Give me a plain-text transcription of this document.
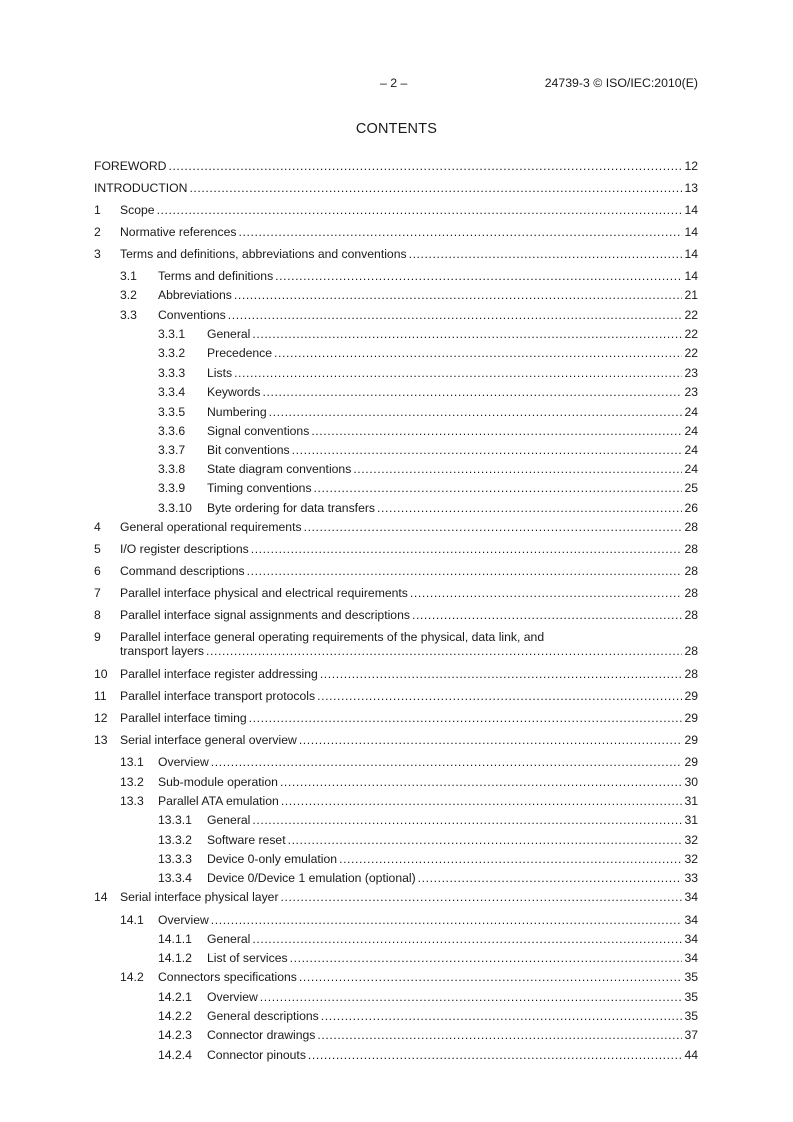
– 2 –	24739-3 © ISO/IEC:2010(E)
CONTENTS
FOREWORD .....	12
INTRODUCTION .....	13
1	Scope .....	14
2	Normative references .....	14
3	Terms and definitions, abbreviations and conventions .....	14
3.1	Terms and definitions .....	14
3.2	Abbreviations .....	21
3.3	Conventions .....	22
3.3.1	General .....	22
3.3.2	Precedence .....	22
3.3.3	Lists .....	23
3.3.4	Keywords .....	23
3.3.5	Numbering .....	24
3.3.6	Signal conventions .....	24
3.3.7	Bit conventions .....	24
3.3.8	State diagram conventions .....	24
3.3.9	Timing conventions .....	25
3.3.10	Byte ordering for data transfers .....	26
4	General operational requirements .....	28
5	I/O register descriptions .....	28
6	Command descriptions .....	28
7	Parallel interface physical and electrical requirements .....	28
8	Parallel interface signal assignments and descriptions .....	28
9	Parallel interface general operating requirements of the physical, data link, and
transport layers .....	28
10	Parallel interface register addressing .....	28
11	Parallel interface transport protocols .....	29
12	Parallel interface timing .....	29
13	Serial interface general overview .....	29
13.1	Overview .....	29
13.2	Sub-module operation .....	30
13.3	Parallel ATA emulation .....	31
13.3.1	General .....	31
13.3.2	Software reset .....	32
13.3.3	Device 0-only emulation .....	32
13.3.4	Device 0/Device 1 emulation (optional) .....	33
14	Serial interface physical layer .....	34
14.1	Overview .....	34
14.1.1	General .....	34
14.1.2	List of services .....	34
14.2	Connectors specifications .....	35
14.2.1	Overview .....	35
14.2.2	General descriptions .....	35
14.2.3	Connector drawings .....	37
14.2.4	Connector pinouts .....	44
